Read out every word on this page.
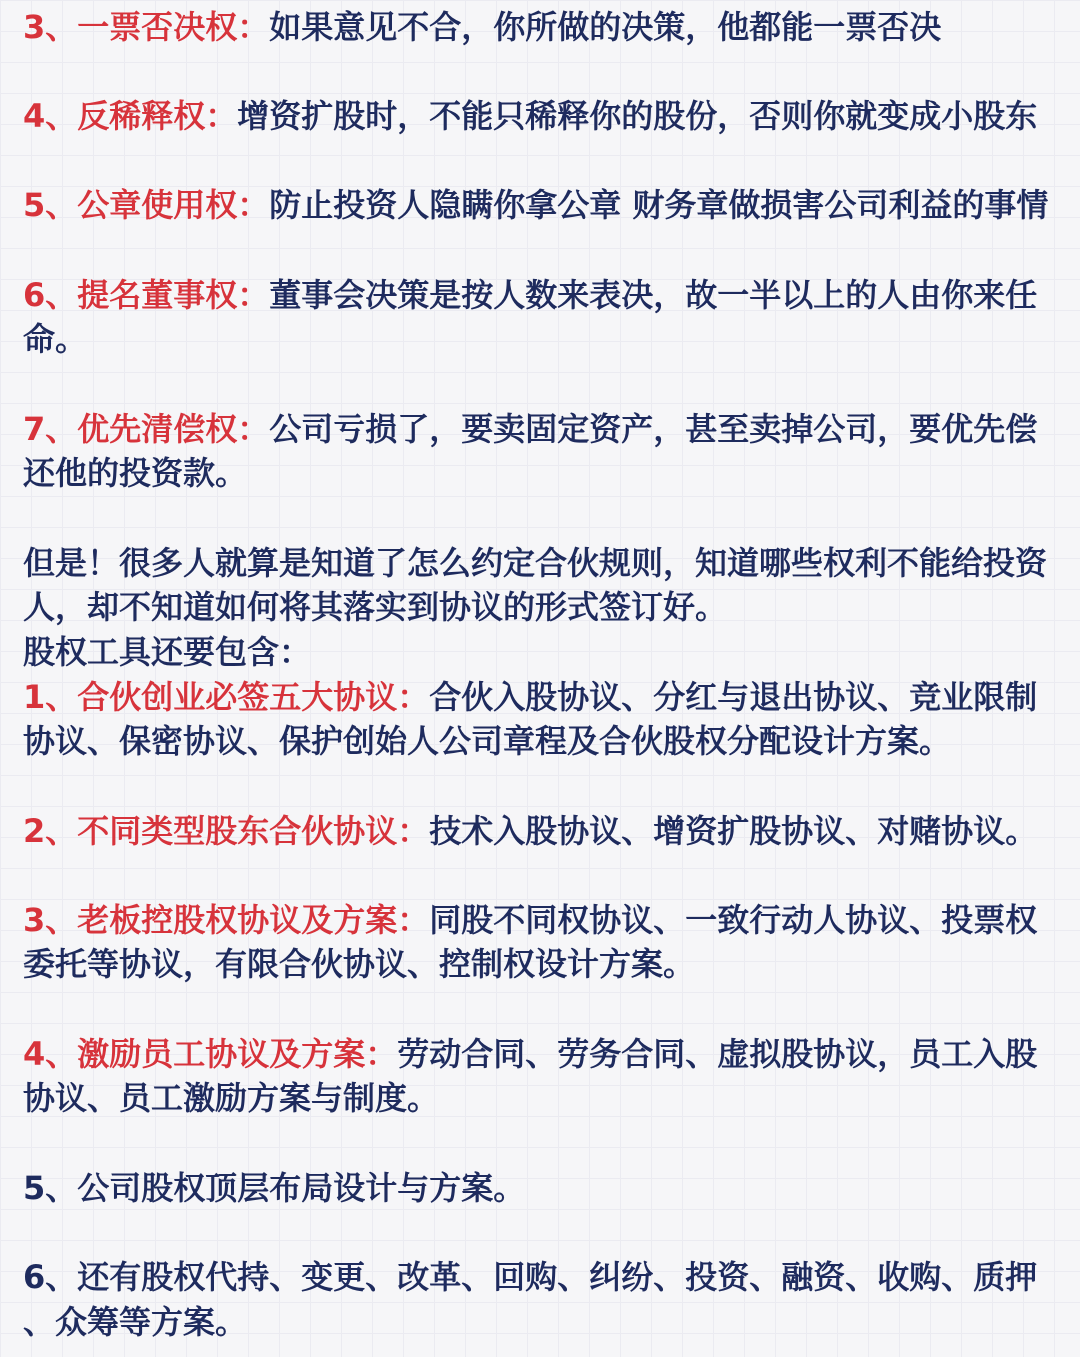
3、一票否决权：如果意见不合，你所做的决策，他都能一票否决
4、反稀释权：增资扩股时，不能只稀释你的股份，否则你就变成小股东
5、公章使用权：防止投资人隐瞒你拿公章 财务章做损害公司利益的事情
6、提名董事权：董事会决策是按人数来表决，故一半以上的人由你来任
命。
7、优先清偿权：公司亏损了，要卖固定资产，甚至卖掉公司，要优先偿
还他的投资款。
但是！很多人就算是知道了怎么约定合伙规则，知道哪些权利不能给投资
人，却不知道如何将其落实到协议的形式签订好。
股权工具还要包含：
1、合伙创业必签五大协议：合伙入股协议、分红与退出协议、竞业限制
协议、保密协议、保护创始人公司章程及合伙股权分配设计方案。
2、不同类型股东合伙协议：技术入股协议、增资扩股协议、对赌协议。
3、老板控股权协议及方案：同股不同权协议、一致行动人协议、投票权
委托等协议，有限合伙协议、控制权设计方案。
4、激励员工协议及方案：劳动合同、劳务合同、虚拟股协议，员工入股
协议、员工激励方案与制度。
5、公司股权顶层布局设计与方案。
6、还有股权代持、变更、改革、回购、纠纷、投资、融资、收购、质押
、众筹等方案。
